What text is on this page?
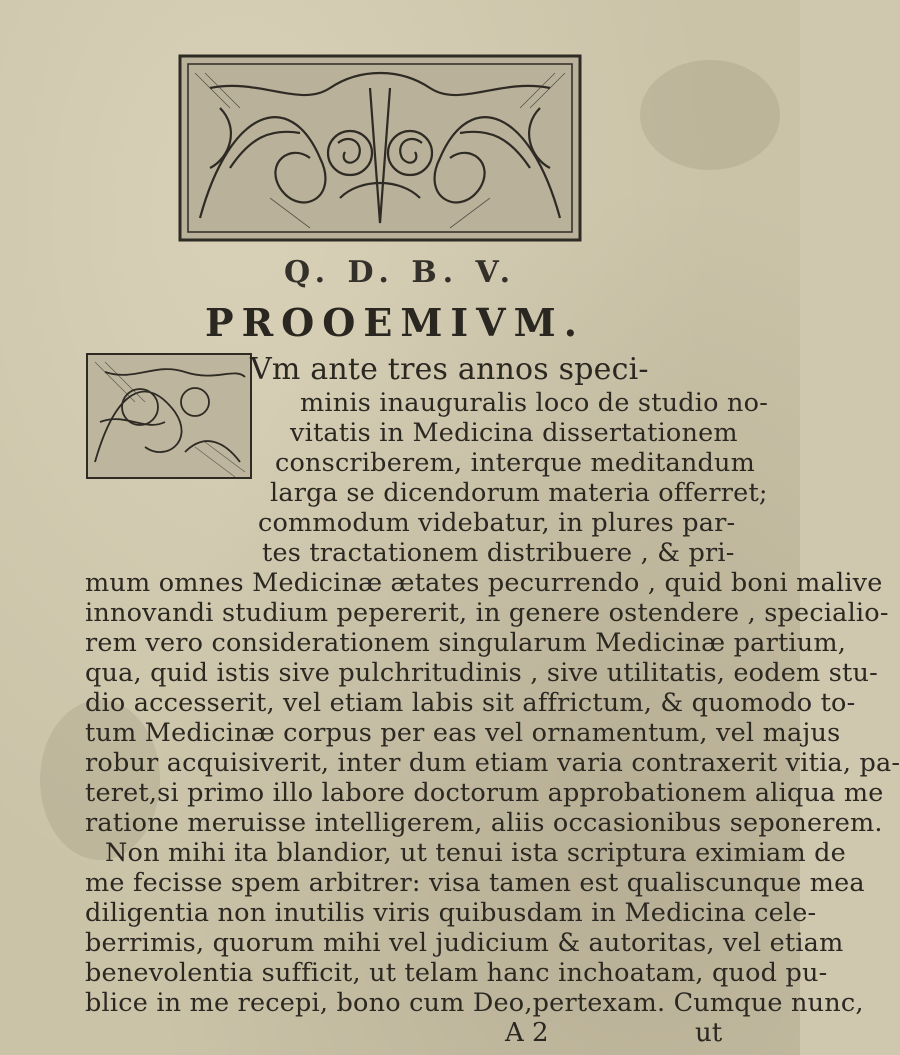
Q. D. B. V.
PROOEMIVM.
Vm ante tres annos speci-
minis inauguralis loco de studio no-
vitatis in Medicina dissertationem
conscriberem, interque meditandum
larga se dicendorum materia offerret;
commodum videbatur, in plures par-
tes tractationem distribuere , & pri-
mum omnes Medicinæ ætates pecurrendo , quid boni malive
innovandi studium pepererit, in genere ostendere , specialio-
rem vero considerationem singularum Medicinæ partium,
qua, quid istis sive pulchritudinis , sive utilitatis, eodem stu-
dio accesserit, vel etiam labis sit affrictum, & quomodo to-
tum Medicinæ corpus per eas vel ornamentum, vel majus
robur acquisiverit, inter dum etiam varia contraxerit vitia, pa-
teret,si primo illo labore doctorum approbationem aliqua me
ratione meruisse intelligerem, aliis occasionibus seponerem.
Non mihi ita blandior, ut tenui ista scriptura eximiam de
me fecisse spem arbitrer: visa tamen est qualiscunque mea
diligentia non inutilis viris quibusdam in Medicina cele-
berrimis, quorum mihi vel judicium & autoritas, vel etiam
benevolentia sufficit, ut telam hanc inchoatam, quod pu-
blice in me recepi, bono cum Deo,pertexam. Cumque nunc,
A 2	ut
